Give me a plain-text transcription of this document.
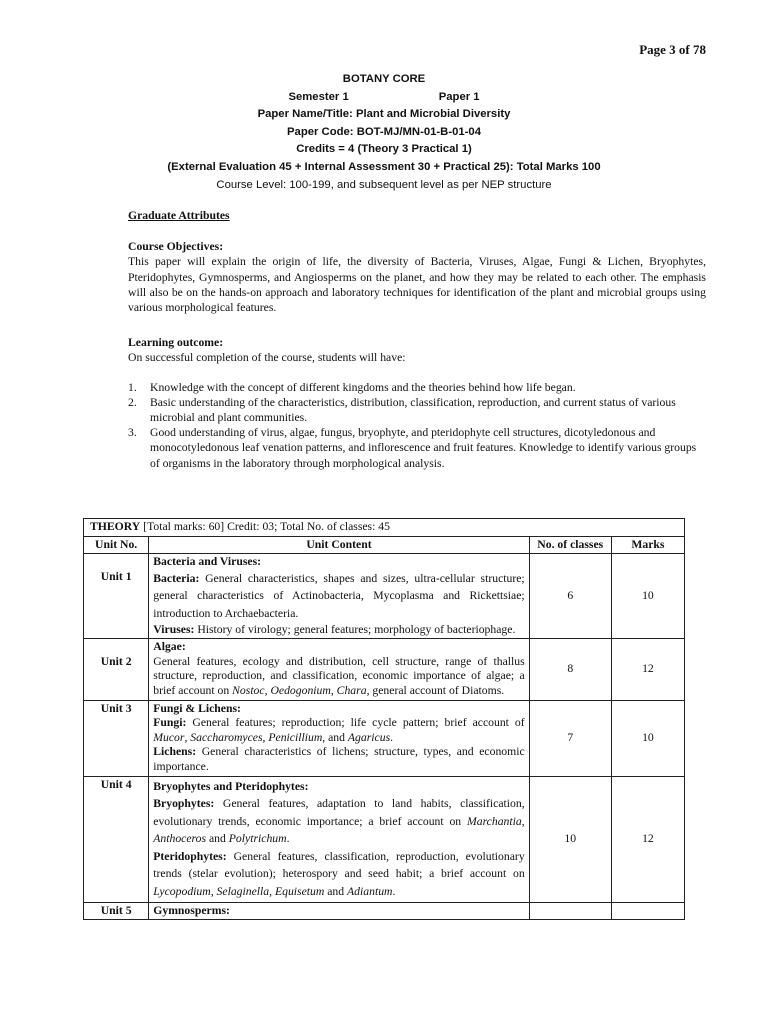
Page 3 of 78
BOTANY CORE
Semester 1	Paper 1
Paper Name/Title: Plant and Microbial Diversity
Paper Code: BOT-MJ/MN-01-B-01-04
Credits = 4 (Theory 3 Practical 1)
(External Evaluation 45 + Internal Assessment 30 + Practical 25): Total Marks 100
Course Level: 100-199, and subsequent level as per NEP structure

Graduate Attributes

Course Objectives:

This paper will explain the origin of life, the diversity of Bacteria, Viruses, Algae, Fungi & Lichen, Bryophytes, Pteridophytes, Gymnosperms, and Angiosperms on the planet, and how they may be related to each other. The emphasis will also be on the hands-on approach and laboratory techniques for identification of the plant and microbial groups using various morphological features.

Learning outcome:

On successful completion of the course, students will have:

1. Knowledge with the concept of different kingdoms and the theories behind how life began.
2. Basic understanding of the characteristics, distribution, classification, reproduction, and current status of various microbial and plant communities.
3. Good understanding of virus, algae, fungus, bryophyte, and pteridophyte cell structures, dicotyledonous and monocotyledonous leaf venation patterns, and inflorescence and fruit features. Knowledge to identify various groups of organisms in the laboratory through morphological analysis.
THEORY [Total marks: 60] Credit: 03; Total No. of classes: 45			
Unit No.	Unit Content	No. of classes	Marks
Unit 1	Bacteria and Viruses:
Bacteria: General characteristics, shapes and sizes, ultra-cellular structure; general characteristics of Actinobacteria, Mycoplasma and Rickettsiae; introduction to Archaebacteria.
Viruses: History of virology; general features; morphology of bacteriophage.	6	10
Unit 2	Algae:
General features, ecology and distribution, cell structure, range of thallus structure, reproduction, and classification, economic importance of algae; a brief account on Nostoc, Oedogonium, Chara, general account of Diatoms.	8	12
Unit 3	Fungi & Lichens:
Fungi: General features; reproduction; life cycle pattern; brief account of Mucor, Saccharomyces, Penicillium, and Agaricus.
Lichens: General characteristics of lichens; structure, types, and economic importance.	7	10
Unit 4	Bryophytes and Pteridophytes:
Bryophytes: General features, adaptation to land habits, classification, evolutionary trends, economic importance; a brief account on Marchantia, Anthoceros and Polytrichum.
Pteridophytes: General features, classification, reproduction, evolutionary trends (stelar evolution); heterospory and seed habit; a brief account on Lycopodium, Selaginella, Equisetum and Adiantum.	10	12
Unit 5	Gymnosperms:		
